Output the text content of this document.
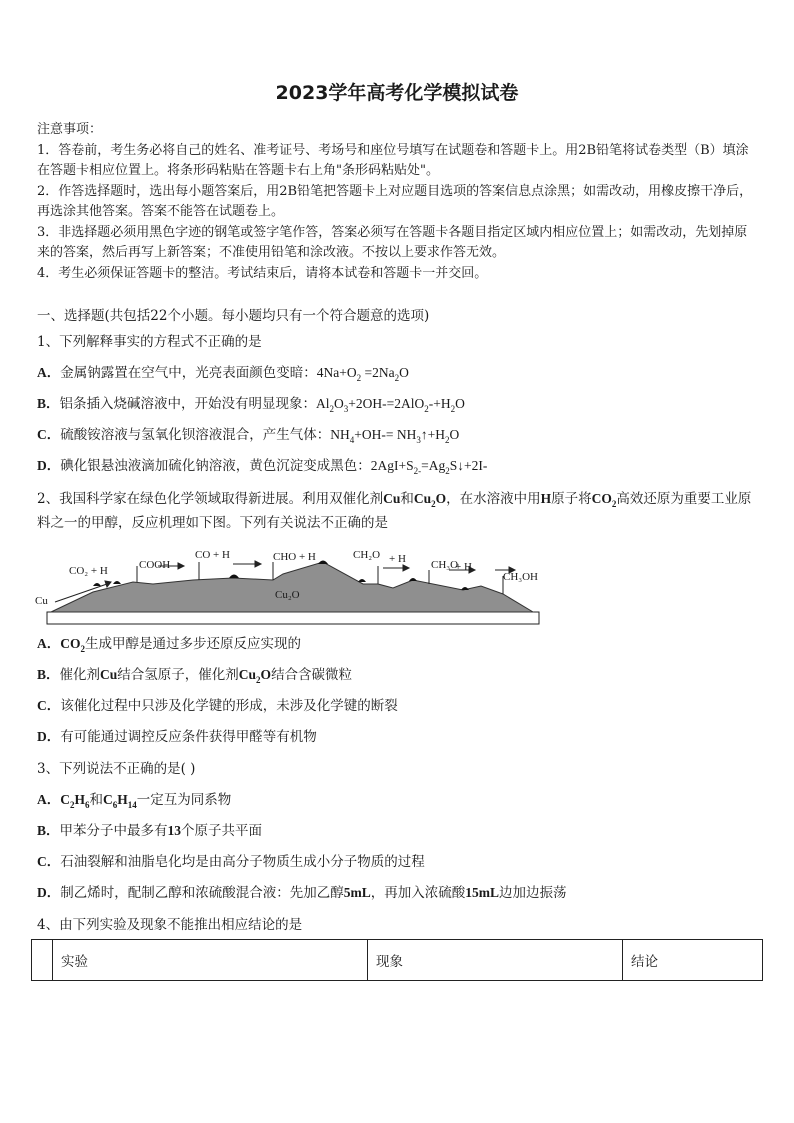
2023学年高考化学模拟试卷

注意事项：

1．答卷前，考生务必将自己的姓名、准考证号、考场号和座位号填写在试题卷和答题卡上。用2B铅笔将试卷类型（B）填涂在答题卡相应位置上。将条形码粘贴在答题卡右上角"条形码粘贴处"。

2．作答选择题时，选出每小题答案后，用2B铅笔把答题卡上对应题目选项的答案信息点涂黑；如需改动，用橡皮擦干净后，再选涂其他答案。答案不能答在试题卷上。

3．非选择题必须用黑色字迹的钢笔或签字笔作答，答案必须写在答题卡各题目指定区域内相应位置上；如需改动，先划掉原来的答案，然后再写上新答案；不准使用铅笔和涂改液。不按以上要求作答无效。

4．考生必须保证答题卡的整洁。考试结束后，请将本试卷和答题卡一并交回。

一、选择题(共包括22个小题。每小题均只有一个符合题意的选项)
1、下列解释事实的方程式不正确的是
A．金属钠露置在空气中，光亮表面颜色变暗：$4Na+O_2 =2Na_2O$
B．铝条插入烧碱溶液中，开始没有明显现象：$Al_2O_3+2OH-=2AlO_2-+H_2O$
C．硫酸铵溶液与氢氧化钡溶液混合，产生气体：$NH_4+OH-=$ $NH_3↑+H_2O$
D．碘化银悬浊液滴加硫化钠溶液，黄色沉淀变成黑色：$2AgI+S_{2-}=Ag_2S↓+2I-$
2、我国科学家在绿色化学领域取得新进展。利用双催化剂Cu和$Cu_2O$，在水溶液中用H原子将$CO_2$高效还原为重要工业原料之一的甲醇，反应机理如下图。下列有关说法不正确的是
CO₂ + H	COOH
CO + H	CHO + H	CH₂O + H CH₃O
+ H
CH₃OH
Cu	Cu₂O
A．$CO_2$生成甲醇是通过多步还原反应实现的
B．催化剂Cu结合氢原子，催化剂$Cu_2O$结合含碳微粒
C．该催化过程中只涉及化学键的形成，未涉及化学键的断裂
D．有可能通过调控反应条件获得甲醛等有机物
3、下列说法不正确的是( )
A．$C_2H_6$和$C_6H_{14}$一定互为同系物
B．甲苯分子中最多有13个原子共平面
C．石油裂解和油脂皂化均是由高分子物质生成小分子物质的过程
D．制乙烯时，配制乙醇和浓硫酸混合液：先加乙醇5mL，再加入浓硫酸15mL边加边振荡
4、由下列实验及现象不能推出相应结论的是
	实验	现象	结论
